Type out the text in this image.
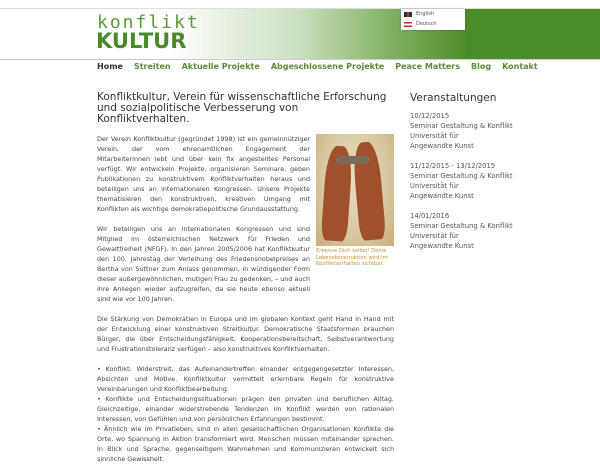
konflikt
KULTUR
English
Deutsch
Home Streiten Aktuelle Projekte Abgeschlossene Projekte Peace Matters Blog Kontakt
Konfliktkultur, Verein für wissenschaftliche Erforschung und sozialpolitische Verbesserung von Konfliktverhalten.

Der Verein Konfliktkultur (gegründet 1998) ist ein gemeinnütziger Verein, der vom ehrenamtlichen Engagement der Mitarbeiterinnen lebt und über kein fix angestelltes Personal verfügt. Wir entwickeln Projekte, organisieren Seminare, geben Publikationen zu konstruktivem Konfliktverhalten heraus und beteiligen uns an internationalen Kongressen. Unsere Projekte thematisieren den konstruktiven, kreativen Umgang mit Konflikten als wichtige demokratiepolitische Grundausstattung.

Wir beteiligen uns an internationalen Kongressen und sind Mitglied im österreichischen Netzwerk für Frieden und Gewaltfreiheit (NFGF). In den Jahren 2005/2006 hat Konfliktkultur den 100. Jahrestag der Verleihung des Friedensnobelpreises an Bertha von Suttner zum Anlass genommen, in würdigender Form dieser außergewöhnlichen, mutigen Frau zu gedenken, – und auch ihre Anliegen wieder aufzugreifen, da sie heute ebenso aktuell sind wie vor 100 Jahren.

Erkenne Dich selbst! Deine Lebenskonstruktion wird im Konfliktverhalten sichtbar.

Die Stärkung von Demokratien in Europa und im globalen Kontext geht Hand in Hand mit der Entwicklung einer konstruktiven Streitkultur. Demokratische Staatsformen brauchen Bürger, die über Entscheidungsfähigkeit, Kooperationsbereitschaft, Selbstverantwortung und Frustrationstoleranz verfügen – also konstruktives Konfliktverhalten.

• Konflikt: Widerstreit, das Aufeinandertreffen einander entgegengesetzter Interessen, Absichten und Motive. Konfliktkultur vermittelt erlernbare Regeln für konstruktive Vereinbarungen und Konfliktbearbeitung.

• Konflikte und Entscheidungssituationen prägen den privaten und beruflichen Alltag. Gleichzeitige, einander widerstrebende Tendenzen im Konflikt werden von rationalen Interessen, von Gefühlen und von persönlichen Erfahrungen bestimmt.

• Ähnlich wie im Privatleben, sind in allen gesellschaftlichen Organisationen Konflikte die Orte, wo Spannung in Aktion transformiert wird. Menschen müssen miteinander sprechen. In Blick und Sprache, gegenseitigem Wahrnehmen und Kommunizieren entwickelt sich sinnliche Gewissheit.

Veranstaltungen
10/12/2015
Seminar Gestaltung & Konflikt
Universität für Angewandte Kunst
11/12/2015 - 13/12/2015
Seminar Gestaltung & Konflikt
Universität für Angewandte Kunst
14/01/2016
Seminar Gestaltung & Konflikt
Universität für Angewandte Kunst
